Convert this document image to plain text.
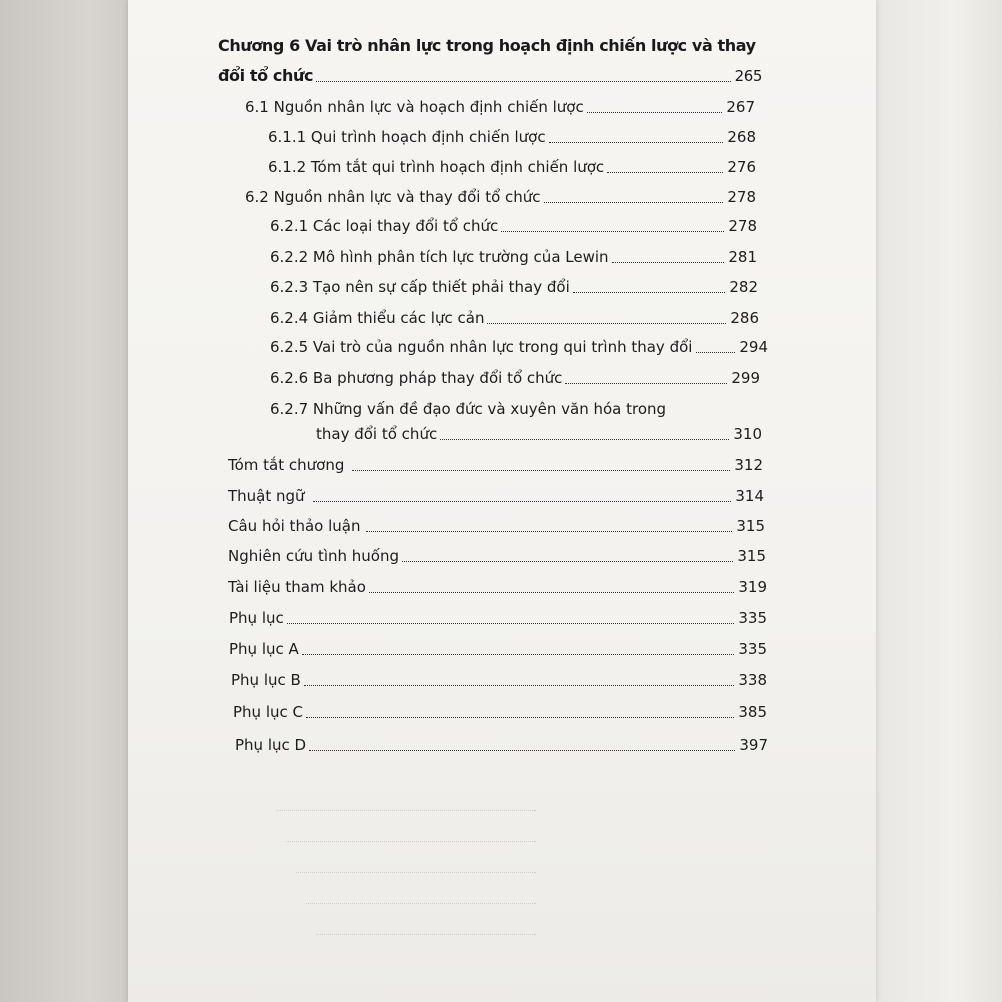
Chương 6 Vai trò nhân lực trong hoạch định chiến lược và thay
đổi tổ chức	265
6.1 Nguồn nhân lực và hoạch định chiến lược	267
6.1.1 Qui trình hoạch định chiến lược	268
6.1.2 Tóm tắt qui trình hoạch định chiến lược	276
6.2 Nguồn nhân lực và thay đổi tổ chức	278
6.2.1 Các loại thay đổi tổ chức	278
6.2.2 Mô hình phân tích lực trường của Lewin	281
6.2.3 Tạo nên sự cấp thiết phải thay đổi	282
6.2.4 Giảm thiểu các lực cản	286
6.2.5 Vai trò của nguồn nhân lực trong qui trình thay đổi	294
6.2.6 Ba phương pháp thay đổi tổ chức	299
6.2.7 Những vấn đề đạo đức và xuyên văn hóa trong
thay đổi tổ chức	310
Tóm tắt chương	312
Thuật ngữ	314
Câu hỏi thảo luận	315
Nghiên cứu tình huống	315
Tài liệu tham khảo	319
Phụ lục	335
Phụ lục A	335
Phụ lục B	338
Phụ lục C	385
Phụ lục D	397
